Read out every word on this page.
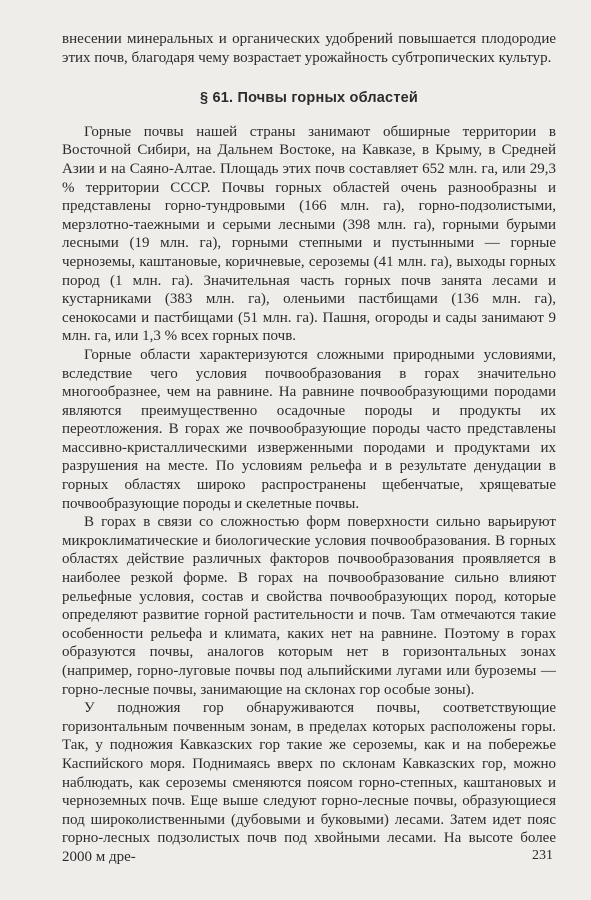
внесении минеральных и органических удобрений повышается плодородие этих почв, благодаря чему возрастает урожайность субтропических культур.

§ 61. Почвы горных областей

Горные почвы нашей страны занимают обширные территории в Восточной Сибири, на Дальнем Востоке, на Кавказе, в Крыму, в Средней Азии и на Саяно-Алтае. Площадь этих почв составляет 652 млн. га, или 29,3 % территории СССР. Почвы горных областей очень разнообразны и представлены горно-тундровыми (166 млн. га), горно-подзолистыми, мерзлотно-таежными и серыми лесными (398 млн. га), горными бурыми лесными (19 млн. га), горными степными и пустынными — горные черноземы, каштановые, коричневые, сероземы (41 млн. га), выходы горных пород (1 млн. га). Значительная часть горных почв занята лесами и кустарниками (383 млн. га), оленьими пастбищами (136 млн. га), сенокосами и пастбищами (51 млн. га). Пашня, огороды и сады занимают 9 млн. га, или 1,3 % всех горных почв.

Горные области характеризуются сложными природными условиями, вследствие чего условия почвообразования в горах значительно многообразнее, чем на равнине. На равнине почвообразующими породами являются преимущественно осадочные породы и продукты их переотложения. В горах же почвообразующие породы часто представлены массивно-кристаллическими изверженными породами и продуктами их разрушения на месте. По условиям рельефа и в результате денудации в горных областях широко распространены щебенчатые, хрящеватые почвообразующие породы и скелетные почвы.

В горах в связи со сложностью форм поверхности сильно варьируют микроклиматические и биологические условия почвообразования. В горных областях действие различных факторов почвообразования проявляется в наиболее резкой форме. В горах на почвообразование сильно влияют рельефные условия, состав и свойства почвообразующих пород, которые определяют развитие горной растительности и почв. Там отмечаются такие особенности рельефа и климата, каких нет на равнине. Поэтому в горах образуются почвы, аналогов которым нет в горизонтальных зонах (например, горно-луговые почвы под альпийскими лугами или буроземы — горно-лесные почвы, занимающие на склонах гор особые зоны).

У подножия гор обнаруживаются почвы, соответствующие горизонтальным почвенным зонам, в пределах которых расположены горы. Так, у подножия Кавказских гор такие же сероземы, как и на побережье Каспийского моря. Поднимаясь вверх по склонам Кавказских гор, можно наблюдать, как сероземы сменяются поясом горно-степных, каштановых и черноземных почв. Еще выше следуют горно-лесные почвы, образующиеся под широколиственными (дубовыми и буковыми) лесами. Затем идет пояс горно-лесных подзолистых почв под хвойными лесами. На высоте более 2000 м дре-	231
